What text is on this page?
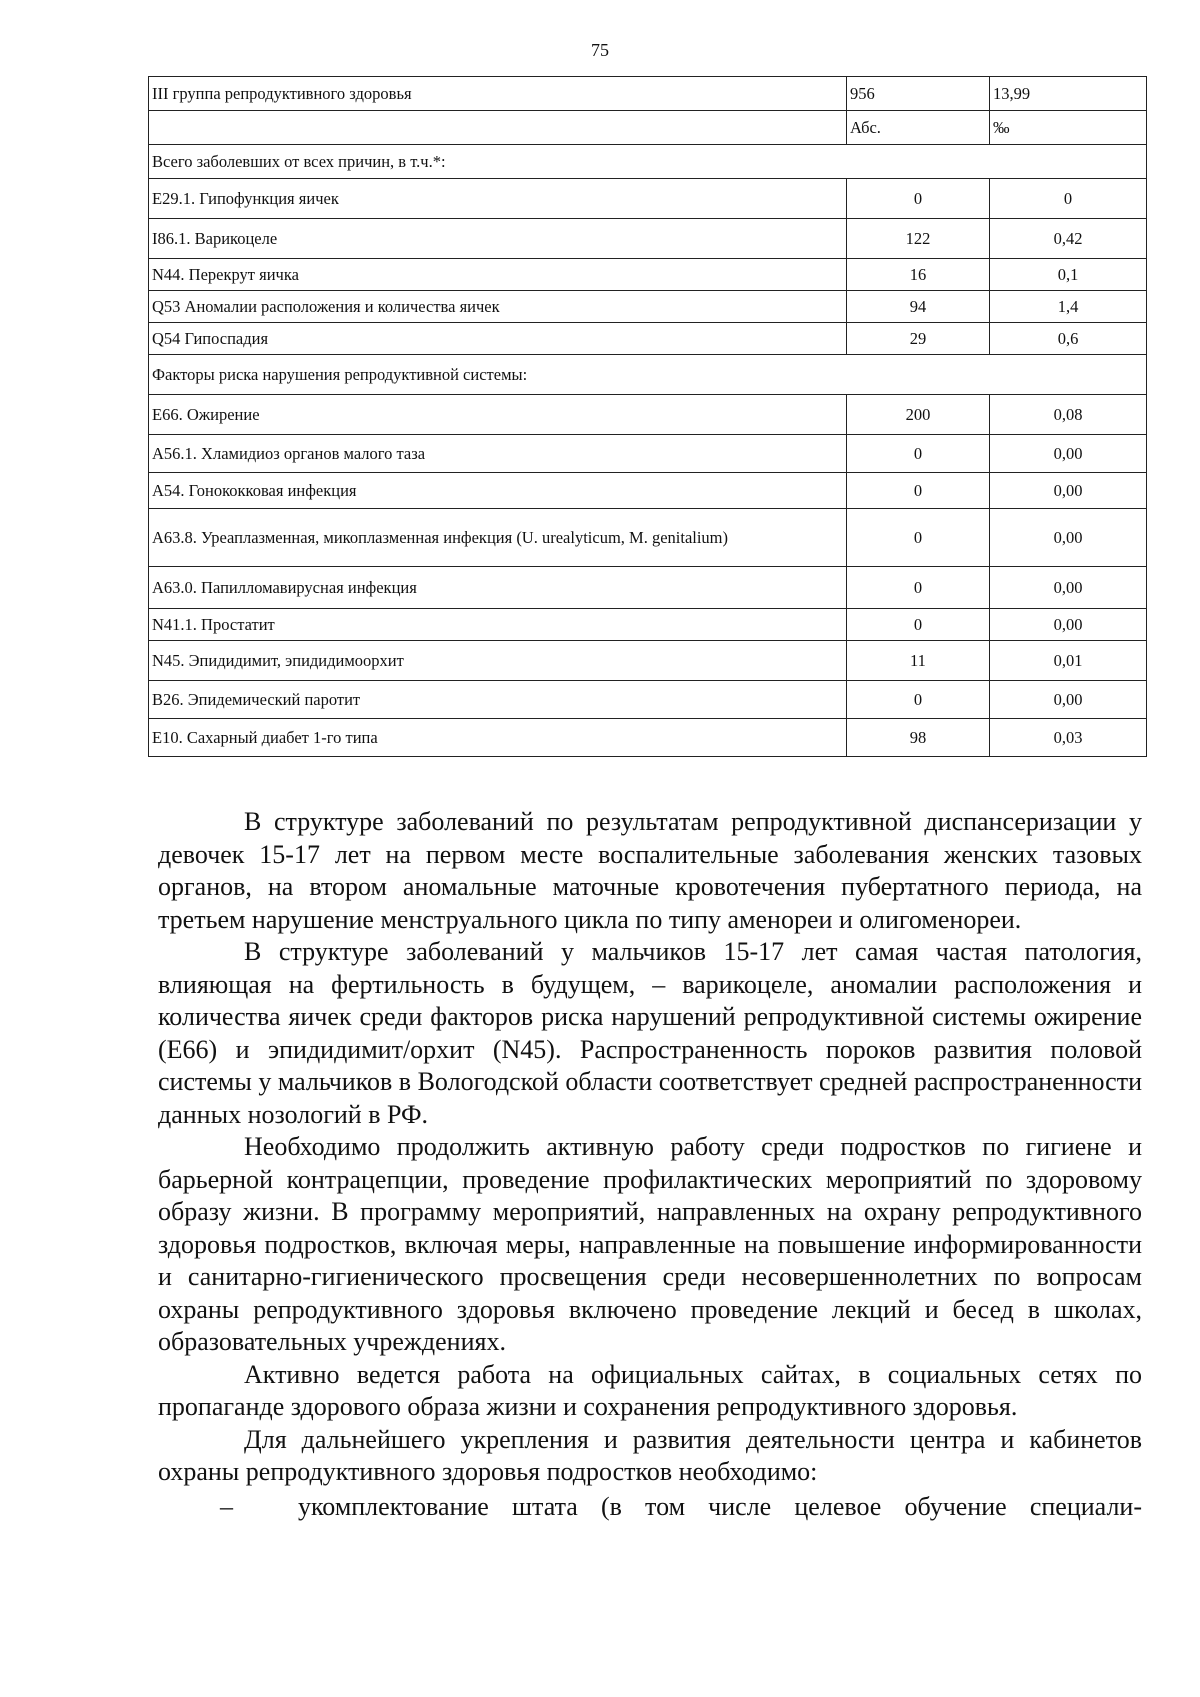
75
III группа репродуктивного здоровья	956	13,99
	Абс.	‰
Всего заболевших от всех причин, в т.ч.*:		
E29.1. Гипофункция яичек	0	0
I86.1. Варикоцеле	122	0,42
N44. Перекрут яичка	16	0,1
Q53 Аномалии расположения и количества яичек	94	1,4
Q54 Гипоспадия	29	0,6
Факторы риска нарушения репродуктивной системы:		
E66. Ожирение	200	0,08
A56.1. Хламидиоз органов малого таза	0	0,00
A54. Гонококковая инфекция	0	0,00
A63.8. Уреаплазменная, микоплазменная инфекция (U. urealyticum, M. genitalium)	0	0,00
A63.0. Папилломавирусная инфекция	0	0,00
N41.1. Простатит	0	0,00
N45. Эпидидимит, эпидидимоорхит	11	0,01
B26. Эпидемический паротит	0	0,00
E10. Сахарный диабет 1-го типа	98	0,03

В структуре заболеваний по результатам репродуктивной диспансеризации у девочек 15-17 лет на первом месте воспалительные заболевания женских тазовых органов, на втором аномальные маточные кровотечения пубертатного периода, на третьем нарушение менструального цикла по типу аменореи и олигоменореи.

В структуре заболеваний у мальчиков 15-17 лет самая частая патология, влияющая на фертильность в будущем, – варикоцеле, аномалии расположения и количества яичек среди факторов риска нарушений репродуктивной системы ожирение (E66) и эпидидимит/орхит (N45). Распространенность пороков развития половой системы у мальчиков в Вологодской области соответствует средней распространенности данных нозологий в РФ.

Необходимо продолжить активную работу среди подростков по гигиене и барьерной контрацепции, проведение профилактических мероприятий по здоровому образу жизни. В программу мероприятий, направленных на охрану репродуктивного здоровья подростков, включая меры, направленные на повышение информированности и санитарно-гигиенического просвещения среди несовершеннолетних по вопросам охраны репродуктивного здоровья включено проведение лекций и бесед в школах, образовательных учреждениях.

Активно ведется работа на официальных сайтах, в социальных сетях по пропаганде здорового образа жизни и сохранения репродуктивного здоровья.

Для дальнейшего укрепления и развития деятельности центра и кабинетов охраны репродуктивного здоровья подростков необходимо:

–	укомплектование штата (в том числе целевое обучение специали-
